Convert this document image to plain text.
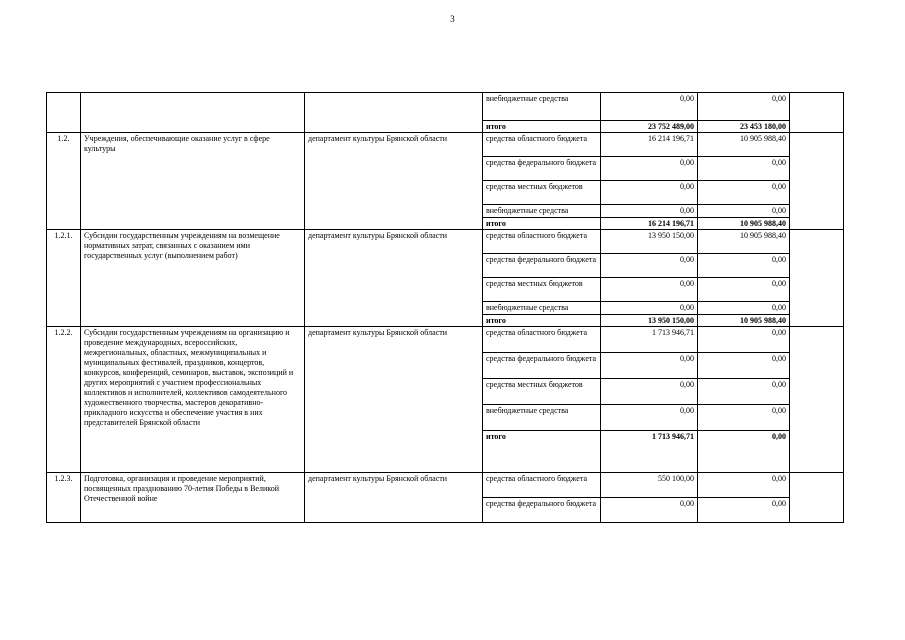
3
			внебюджетные средства	0,00	0,00	
			итого	23 752 489,00	23 453 180,00	
1.2.	Учреждения, обеспечивающие оказание услуг в сфере культуры	департамент культуры Брянской области	средства областного бюджета	16 214 196,71	10 905 988,40	
			средства федерального бюджета	0,00	0,00	
			средства местных бюджетов	0,00	0,00	
			внебюджетные средства	0,00	0,00	
			итого	16 214 196,71	10 905 988,40	
1.2.1.	Субсидии государственным учреждениям на возмещение нормативных затрат, связанных с оказанием ими государственных услуг (выполнением работ)	департамент культуры Брянской области	средства областного бюджета	13 950 150,00	10 905 988,40	
			средства федерального бюджета	0,00	0,00	
			средства местных бюджетов	0,00	0,00	
			внебюджетные средства	0,00	0,00	
			итого	13 950 150,00	10 905 988,40	
1.2.2.	Субсидии государственным учреждениям на организацию и проведение международных, всероссийских, межрегиональных, областных, межмуниципальных и муниципальных фестивалей, праздников, концертов, конкурсов, конференций, семинаров, выставок, экспозиций и других мероприятий с участием профессиональных коллективов и исполнителей, коллективов самодеятельного художественного творчества, мастеров декоративно-прикладного искусства и обеспечение участия в них представителей Брянской области	департамент культуры Брянской области	средства областного бюджета	1 713 946,71	0,00	
			средства федерального бюджета	0,00	0,00	
			средства местных бюджетов	0,00	0,00	
			внебюджетные средства	0,00	0,00	
			итого	1 713 946,71	0,00	
1.2.3.	Подготовка, организация и проведение мероприятий, посвященных празднованию 70-летия Победы в Великой Отечественной войне	департамент культуры Брянской области	средства областного бюджета	550 100,00	0,00	
			средства федерального бюджета	0,00	0,00	
